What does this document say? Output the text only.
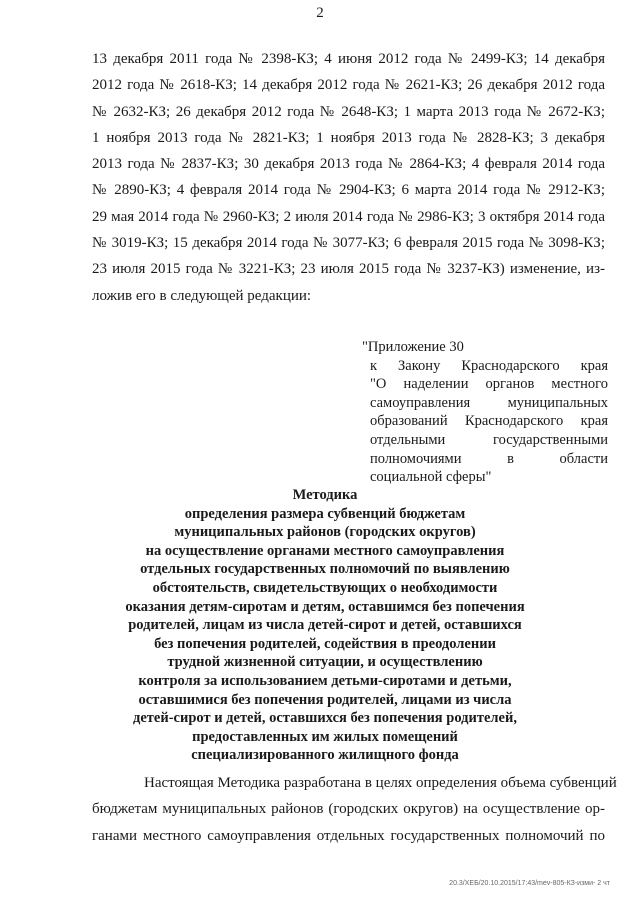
2
13 декабря 2011 года № 2398-КЗ; 4 июня 2012 года № 2499-КЗ; 14 декабря
2012 года № 2618-КЗ; 14 декабря 2012 года № 2621-КЗ; 26 декабря 2012 года
№ 2632-КЗ; 26 декабря 2012 года № 2648-КЗ; 1 марта 2013 года № 2672-КЗ;
1 ноября 2013 года № 2821-КЗ; 1 ноября 2013 года № 2828-КЗ; 3 декабря
2013 года № 2837-КЗ; 30 декабря 2013 года № 2864-КЗ; 4 февраля 2014 года
№ 2890-КЗ; 4 февраля 2014 года № 2904-КЗ; 6 марта 2014 года № 2912-КЗ;
29 мая 2014 года № 2960-КЗ; 2 июля 2014 года № 2986-КЗ; 3 октября 2014 года
№ 3019-КЗ; 15 декабря 2014 года № 3077-КЗ; 6 февраля 2015 года № 3098-КЗ;
23 июля 2015 года № 3221-КЗ; 23 июля 2015 года № 3237-КЗ) изменение, из-
ложив его в следующей редакции:
"Приложение 30
к Закону Краснодарского края
"О наделении органов местного
самоуправления муниципальных
образований Краснодарского края
отдельными государственными
полномочиями в области
социальной сферы"
Методика
определения размера субвенций бюджетам
муниципальных районов (городских округов)
на осуществление органами местного самоуправления
отдельных государственных полномочий по выявлению
обстоятельств, свидетельствующих о необходимости
оказания детям-сиротам и детям, оставшимся без попечения
родителей, лицам из числа детей-сирот и детей, оставшихся
без попечения родителей, содействия в преодолении
трудной жизненной ситуации, и осуществлению
контроля за использованием детьми-сиротами и детьми,
оставшимися без попечения родителей, лицами из числа
детей-сирот и детей, оставшихся без попечения родителей,
предоставленных им жилых помещений
специализированного жилищного фонда
Настоящая Методика разработана в целях определения объема субвенций
бюджетам муниципальных районов (городских округов) на осуществление ор-
ганами местного самоуправления отдельных государственных полномочий по
20.3/ХЕБ/20.10.2015/17:43/mev-805-КЗ-изми- 2 чт
